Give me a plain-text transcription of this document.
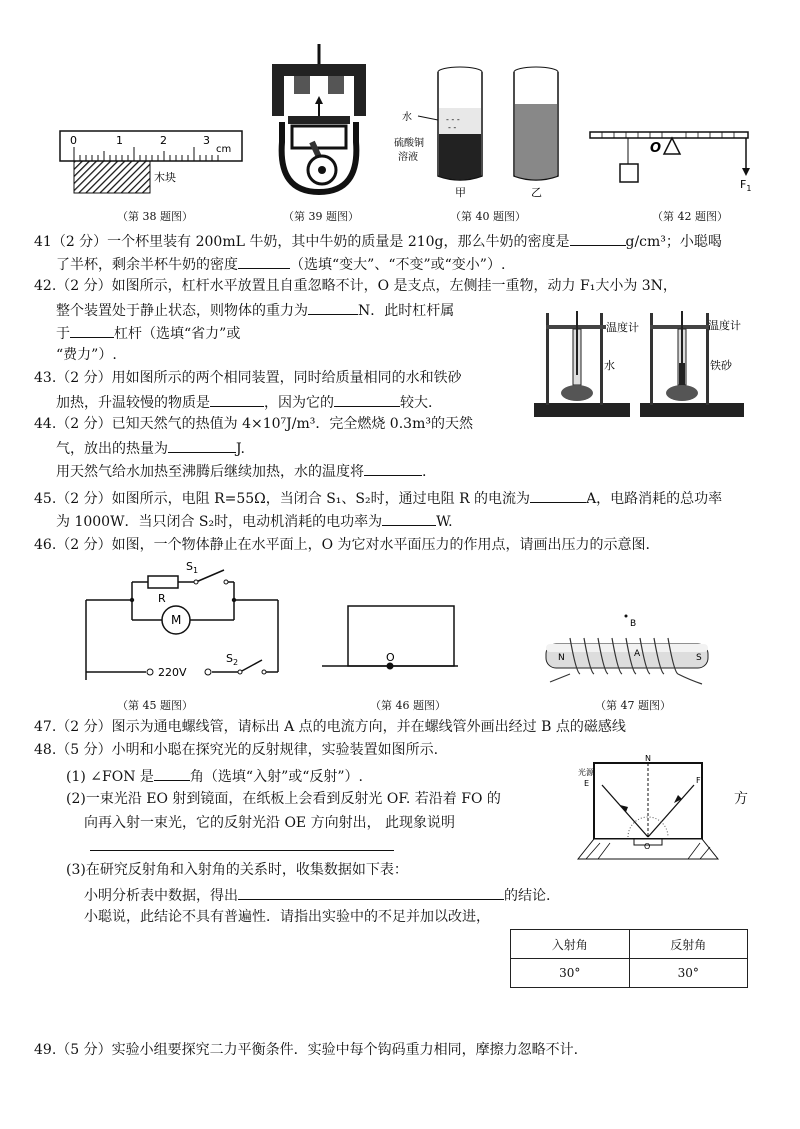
0	1	2	3
cm
木块
（第 38 题图）	（第 39 题图）
- - -
- -
水
硫酸铜
溶液
甲	乙
（第 40 题图）
O
$F_1$
（第 42 题图）
温度计	温度计
水	铁砂
41（2 分）一个杯里装有 200mL 牛奶，其中牛奶的质量是 210g，那么牛奶的密度是	g/cm³；小聪喝
了半杯，剩余半杯牛奶的密度	（选填“变大”、“不变”或“变小”）.
42.（2 分）如图所示，杠杆水平放置且自重忽略不计，O 是支点，左侧挂一重物，动力 F₁大小为 3N，
整个装置处于静止状态，则物体的重力为	N．此时杠杆属
于	杠杆（选填“省力”或
“费力”）.
43.（2 分）用如图所示的两个相同装置，同时给质量相同的水和铁砂
加热，升温较慢的物质是	，因为它的	较大.
44.（2 分）已知天然气的热值为 4×10⁷J/m³．完全燃烧 0.3m³的天然
气，放出的热量为	J.
用天然气给水加热至沸腾后继续加热，水的温度将	.
45.（2 分）如图所示，电阻 R=55Ω，当闭合 S₁、S₂时，通过电阻 R 的电流为	A，电路消耗的总功率
为 1000W．当只闭合 S₂时，电动机消耗的电功率为	W.
46.（2 分）如图，一个物体静止在水平面上，O 为它对水平面压力的作用点，请画出压力的示意图.
$S_1$
R
M
220V
$S_2$
（第 45 题图）
O
（第 46 题图）
B
N	A	S
（第 47 题图）
47.（2 分）图示为通电螺线管，请标出 A 点的电流方向，并在螺线管外画出经过 B 点的磁感线
48.（5 分）小明和小聪在探究光的反射规律，实验装置如图所示.
(1) ∠FON 是	角（选填“入射”或“反射”）.
(2)一束光沿 EO 射到镜面，在纸板上会看到反射光 OF. 若沿着 FO 的	方
向再入射一束光，它的反射光沿 OE 方向射出， 此现象说明
(3)在研究反射角和入射角的关系时，收集数据如下表：
小明分析表中数据，得出	的结论.
小聪说，此结论不具有普遍性．请指出实验中的不足并加以改进，
光源
E
N
F
O
入射角	反射角
30°	30°
49.（5 分）实验小组要探究二力平衡条件．实验中每个钩码重力相同，摩擦力忽略不计.
